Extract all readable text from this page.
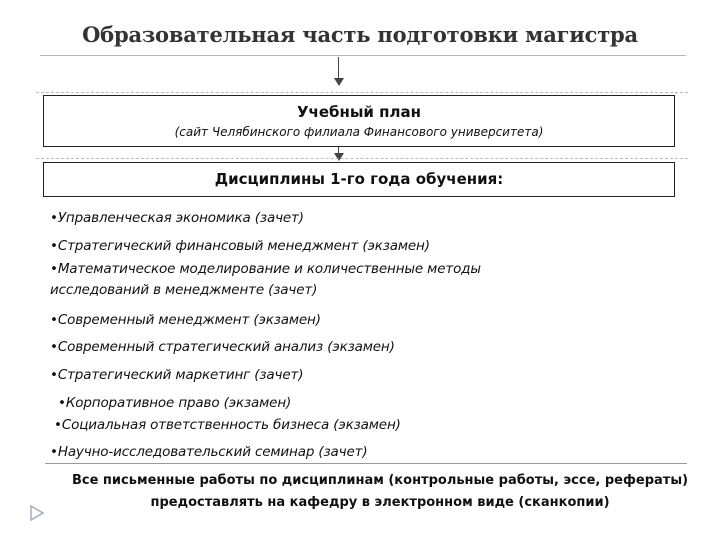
Образовательная часть подготовки магистра
Учебный план
(сайт Челябинского филиала Финансового университета)
Дисциплины 1-го года обучения:
•Управленческая экономика (зачет)
•Стратегический финансовый менеджмент (экзамен)
•Математическое моделирование и количественные методы
исследований в менеджменте (зачет)
•Современный менеджмент (экзамен)
•Современный стратегический анализ (экзамен)
•Стратегический маркетинг (зачет)
•Корпоративное право (экзамен)
•Социальная ответственность бизнеса (экзамен)
•Научно-исследовательский семинар (зачет)
Все письменные работы по дисциплинам (контрольные работы, эссе, рефераты)
предоставлять на кафедру в электронном виде (сканкопии)
